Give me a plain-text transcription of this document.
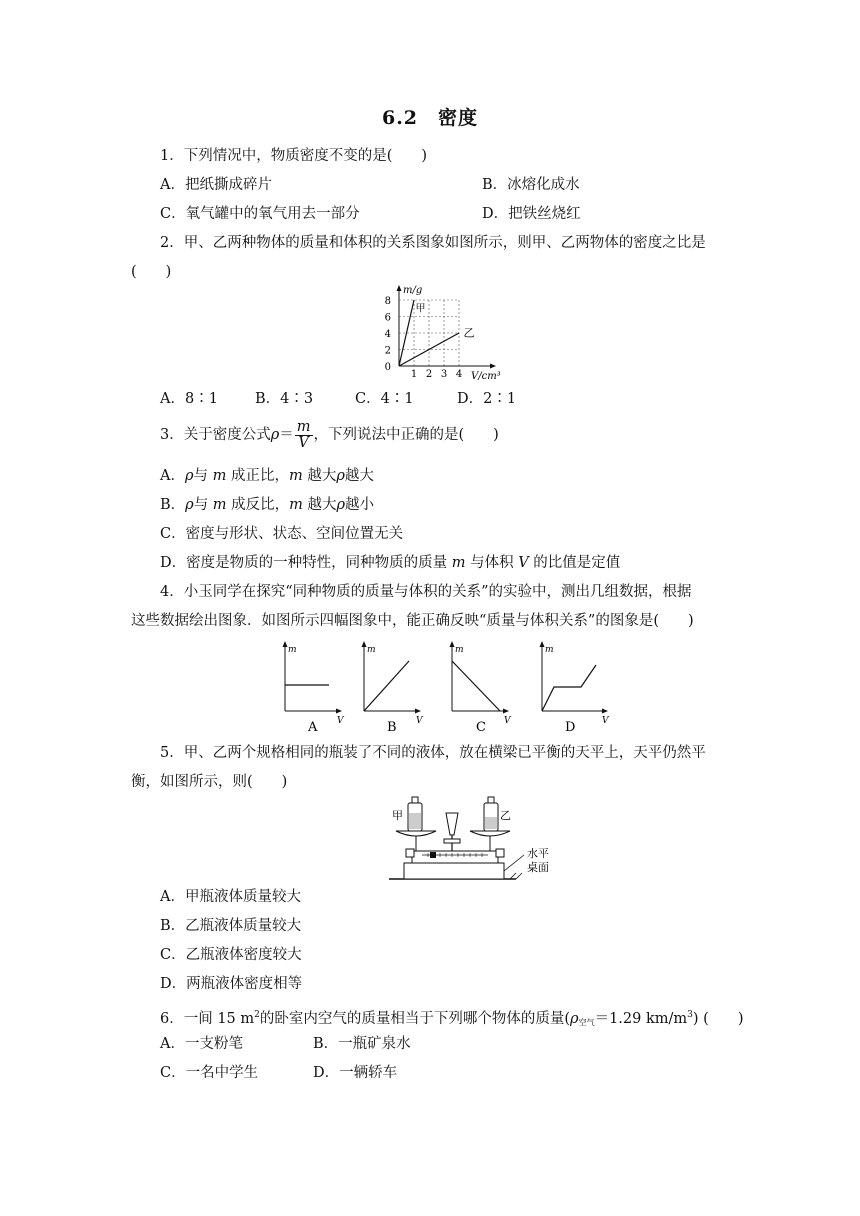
6.2　密度
1．下列情况中，物质密度不变的是(　　)
A．把纸撕成碎片	B．冰熔化成水
C．氧气罐中的氧气用去一部分	D．把铁丝烧红
2．甲、乙两种物体的质量和体积的关系图象如图所示，则甲、乙两物体的密度之比是
(　　)
m/g
V/cm³
0
2
4
6
8
1 2 3 4
甲
乙
A．8∶1	B．4∶3	C．4∶1	D．2∶1
3．关于密度公式$\rho= \frac{m}{V}$ ，下列说法中正确的是(　　)
A．ρ与 m 成正比，m 越大ρ越大
B．ρ与 m 成反比，m 越大ρ越小
C．密度与形状、状态、空间位置无关
D．密度是物质的一种特性，同种物质的质量 m 与体积 V 的比值是定值
4．小玉同学在探究“同种物质的质量与体积的关系”的实验中，测出几组数据，根据
这些数据绘出图象．如图所示四幅图象中，能正确反映“质量与体积关系”的图象是(　　)
m
V
A
m
V
B
m
V
C
m
V
D
5．甲、乙两个规格相同的瓶装了不同的液体，放在横梁已平衡的天平上，天平仍然平
衡，如图所示，则(　　)
水平
桌面
甲	乙
A．甲瓶液体质量较大
B．乙瓶液体质量较大
C．乙瓶液体密度较大
D．两瓶液体密度相等
6．一间 15 $m^2$的卧室内空气的质量相当于下列哪个物体的质量($\rho_{空气}=1.29$ $km/m^3$) (　　)
A．一支粉笔	B．一瓶矿泉水
C．一名中学生	D．一辆轿车
